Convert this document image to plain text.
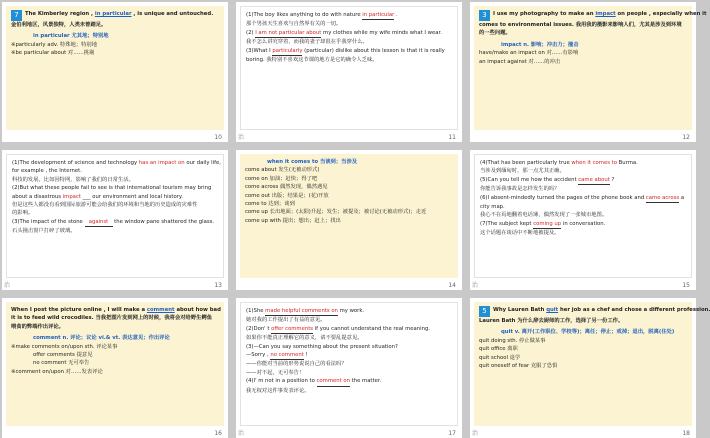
7 The Kimberley region , in particular , is unique and untouched.
金伯利地区，风景独特，人类未曾踏足。
in particular 尤其地；特别地
※particularly adv. 特殊地；特别地
※be particular about 对……挑剔
10
(1)The boy likes anything to do with nature in particular .
那个男孩天生喜欢与自然界有关的一切。
(2) I am not particular about my clothes while my wife minds what I wear.
我不怎么讲究穿着，而我的妻子却很在乎我穿什么。
(3)What I particularly (particular) dislike about this lesson is that it is really
boring. 我特别不喜欢这节课的地方是它的确令人乏味。
治	11
3 I use my photography to make an impact on people , especially when it
comes to environmental issues. 我用我的摄影来影响人们，尤其是涉及到环境
的一些问题。
impact n. 影响；冲击力；撞击
have/make an impact on 对……有影响
an impact against 对……的冲击
12
(1)The development of science and technology has an impact on our daily life,
for example , the Internet.
科技的发展，比如因特网，影响了我们的日常生活。
(2)But what these people fail to see is that international tourism may bring
about a disastrous impact ___ our environment and local history.
但是这些人都没有看到国际旅游可能会给我们的环境和当地的历史造成的灾难性
的影响。
(3)The impact of the stone against the window pane shattered the glass.
石头撞击窗户打碎了玻璃。
治	13
when it comes to 当谈到；当涉及
come about 发生(无被动形式)
come on 加油；赶快；得了吧
come across 偶然发现，偶然遇见
come out 出版；结果是；(花)开放
come to 达到；谈到
come up 长出地面；(太阳)升起；发生；被提及；被讨论(无被动形式)；走近
come up with 提出；想出；赶上；找出
14
(4)That has been particularly true when it comes to Burma.
当涉及到缅甸时，那一点尤其正确。
(5)Can you tell me how the accident came about ?
你能告诉我事故是怎样发生的吗？
(6)I absent-mindedly turned the pages of the phone book and came across a
city map.
我心不在焉地翻着电话簿，偶然发现了一张城市地图。
(7)The subject kept coming up in conversation.
这个话题在谈话中不断地被提及。
治	15
When I post the picture online , I will make a comment about how bad
it is to feed wild crocodiles. 当我把图片发到网上的时候，我将会对给野生鳄鱼
喂食的弊端作出评论。
comment n. 评论；议论 vi.& vt. 表达意见；作出评论
※make comments on/upon sth. 评论某事
offer comments 提意见
no comment 无可奉告
※comment on/upon 对……发表评论
16
(1)She made helpful comments on my work.
她对我的工作提出了有益的意见。
(2)Don' t offer comments if you cannot understand the real meaning.
如果你不能真正理解它的意义，请不要乱提意见。
(3)—Can you say something about the present situation?
—Sorry , no comment !
——你能对当前的形势说说自己的看法吗？
——对不起，无可奉告！
(4)I' m not in a position to comment on the matter.
我无权对这件事发表评论。
治	17
5 Why Lauren Bath quit her job as a chef and chose a different profession.
Lauren Bath 为什么辞去厨师的工作，选择了另一份工作。
quit v. 离开(工作职位、学校等)；离任；停止；戒掉；退出，脱离(住处)
quit doing sth. 停止做某事
quit office 离职
quit school 退学
quit oneself of fear 克服了恐惧
治	18
